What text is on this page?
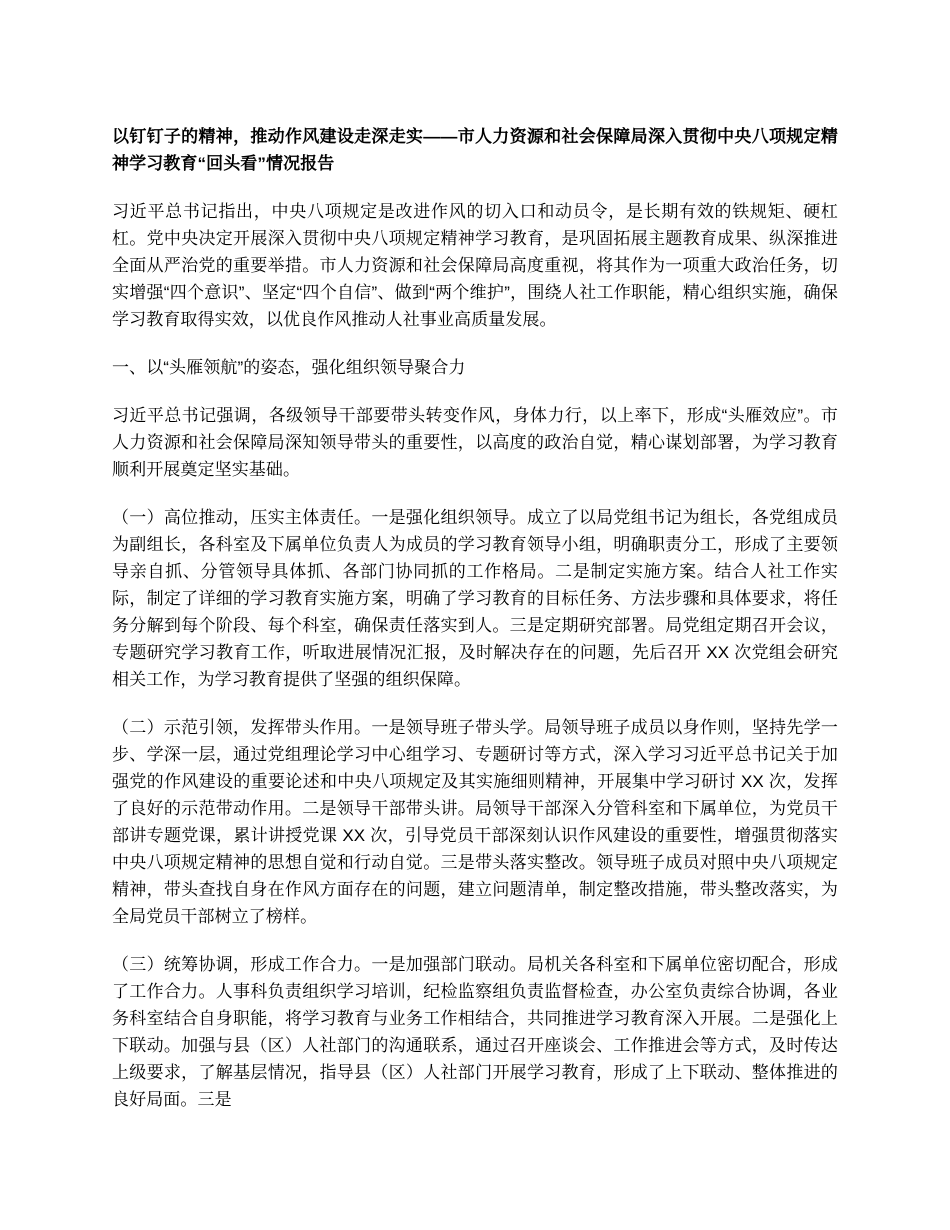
以钉钉子的精神，推动作风建设走深走实——市人力资源和社会保障局深入贯彻中央八项规定精神学习教育“回头看”情况报告

习近平总书记指出，中央八项规定是改进作风的切入口和动员令，是长期有效的铁规矩、硬杠杠。党中央决定开展深入贯彻中央八项规定精神学习教育，是巩固拓展主题教育成果、纵深推进全面从严治党的重要举措。市人力资源和社会保障局高度重视，将其作为一项重大政治任务，切实增强“四个意识”、坚定“四个自信”、做到“两个维护”，围绕人社工作职能，精心组织实施，确保学习教育取得实效，以优良作风推动人社事业高质量发展。

一、以“头雁领航”的姿态，强化组织领导聚合力

习近平总书记强调，各级领导干部要带头转变作风，身体力行，以上率下，形成“头雁效应”。市人力资源和社会保障局深知领导带头的重要性，以高度的政治自觉，精心谋划部署，为学习教育顺利开展奠定坚实基础。

（一）高位推动，压实主体责任。一是强化组织领导。成立了以局党组书记为组长，各党组成员为副组长，各科室及下属单位负责人为成员的学习教育领导小组，明确职责分工，形成了主要领导亲自抓、分管领导具体抓、各部门协同抓的工作格局。二是制定实施方案。结合人社工作实际，制定了详细的学习教育实施方案，明确了学习教育的目标任务、方法步骤和具体要求，将任务分解到每个阶段、每个科室，确保责任落实到人。三是定期研究部署。局党组定期召开会议，专题研究学习教育工作，听取进展情况汇报，及时解决存在的问题，先后召开 XX 次党组会研究相关工作，为学习教育提供了坚强的组织保障。

（二）示范引领，发挥带头作用。一是领导班子带头学。局领导班子成员以身作则，坚持先学一步、学深一层，通过党组理论学习中心组学习、专题研讨等方式，深入学习习近平总书记关于加强党的作风建设的重要论述和中央八项规定及其实施细则精神，开展集中学习研讨 XX 次，发挥了良好的示范带动作用。二是领导干部带头讲。局领导干部深入分管科室和下属单位，为党员干部讲专题党课，累计讲授党课 XX 次，引导党员干部深刻认识作风建设的重要性，增强贯彻落实中央八项规定精神的思想自觉和行动自觉。三是带头落实整改。领导班子成员对照中央八项规定精神，带头查找自身在作风方面存在的问题，建立问题清单，制定整改措施，带头整改落实，为全局党员干部树立了榜样。

（三）统筹协调，形成工作合力。一是加强部门联动。局机关各科室和下属单位密切配合，形成了工作合力。人事科负责组织学习培训，纪检监察组负责监督检查，办公室负责综合协调，各业务科室结合自身职能，将学习教育与业务工作相结合，共同推进学习教育深入开展。二是强化上下联动。加强与县（区）人社部门的沟通联系，通过召开座谈会、工作推进会等方式，及时传达上级要求，了解基层情况，指导县（区）人社部门开展学习教育，形成了上下联动、整体推进的良好局面。三是
